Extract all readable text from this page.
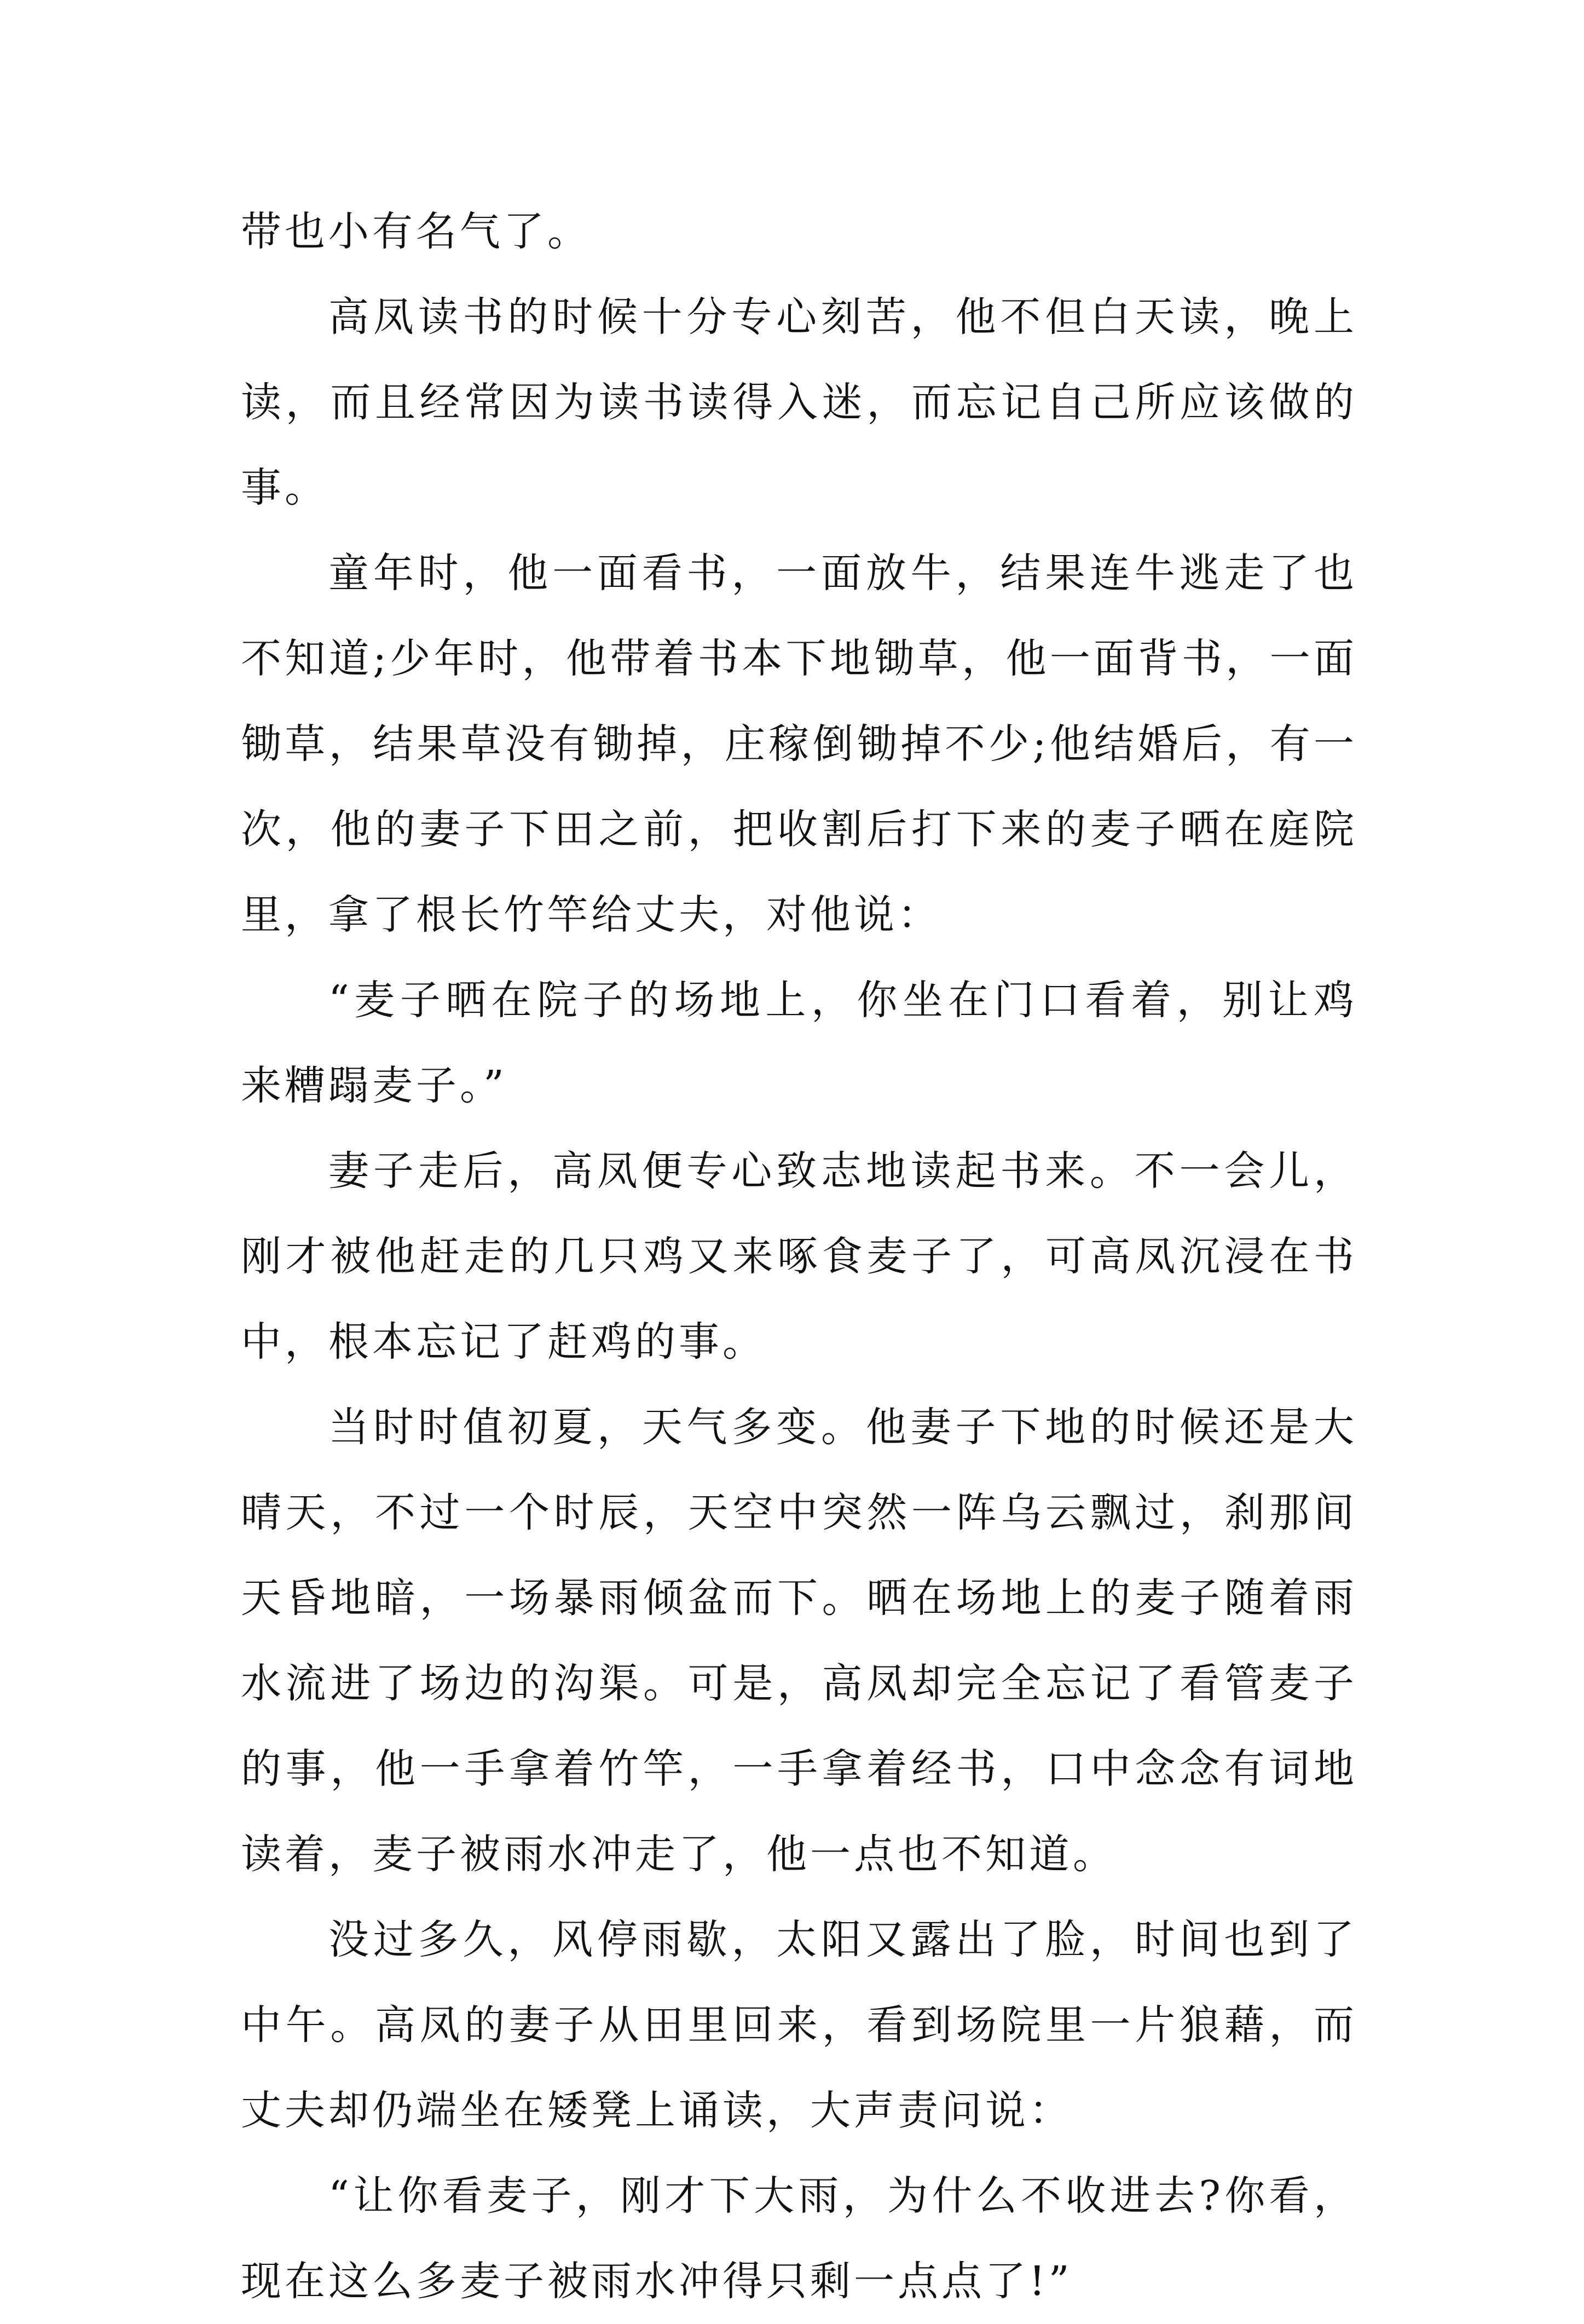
带也小有名气了。

高凤读书的时候十分专心刻苦，他不但白天读，晚上读，而且经常因为读书读得入迷，而忘记自己所应该做的事。

童年时，他一面看书，一面放牛，结果连牛逃走了也不知道;少年时，他带着书本下地锄草，他一面背书，一面锄草，结果草没有锄掉，庄稼倒锄掉不少;他结婚后，有一次，他的妻子下田之前，把收割后打下来的麦子晒在庭院里，拿了根长竹竿给丈夫，对他说：

“麦子晒在院子的场地上，你坐在门口看着，别让鸡来糟蹋麦子。”

妻子走后，高凤便专心致志地读起书来。不一会儿，刚才被他赶走的几只鸡又来啄食麦子了，可高凤沉浸在书中，根本忘记了赶鸡的事。

当时时值初夏，天气多变。他妻子下地的时候还是大晴天，不过一个时辰，天空中突然一阵乌云飘过，刹那间天昏地暗，一场暴雨倾盆而下。晒在场地上的麦子随着雨水流进了场边的沟渠。可是，高凤却完全忘记了看管麦子的事，他一手拿着竹竿，一手拿着经书，口中念念有词地读着，麦子被雨水冲走了，他一点也不知道。

没过多久，风停雨歇，太阳又露出了脸，时间也到了中午。高凤的妻子从田里回来，看到场院里一片狼藉，而丈夫却仍端坐在矮凳上诵读，大声责问说：

“让你看麦子，刚才下大雨，为什么不收进去?你看，现在这么多麦子被雨水冲得只剩一点点了!”
